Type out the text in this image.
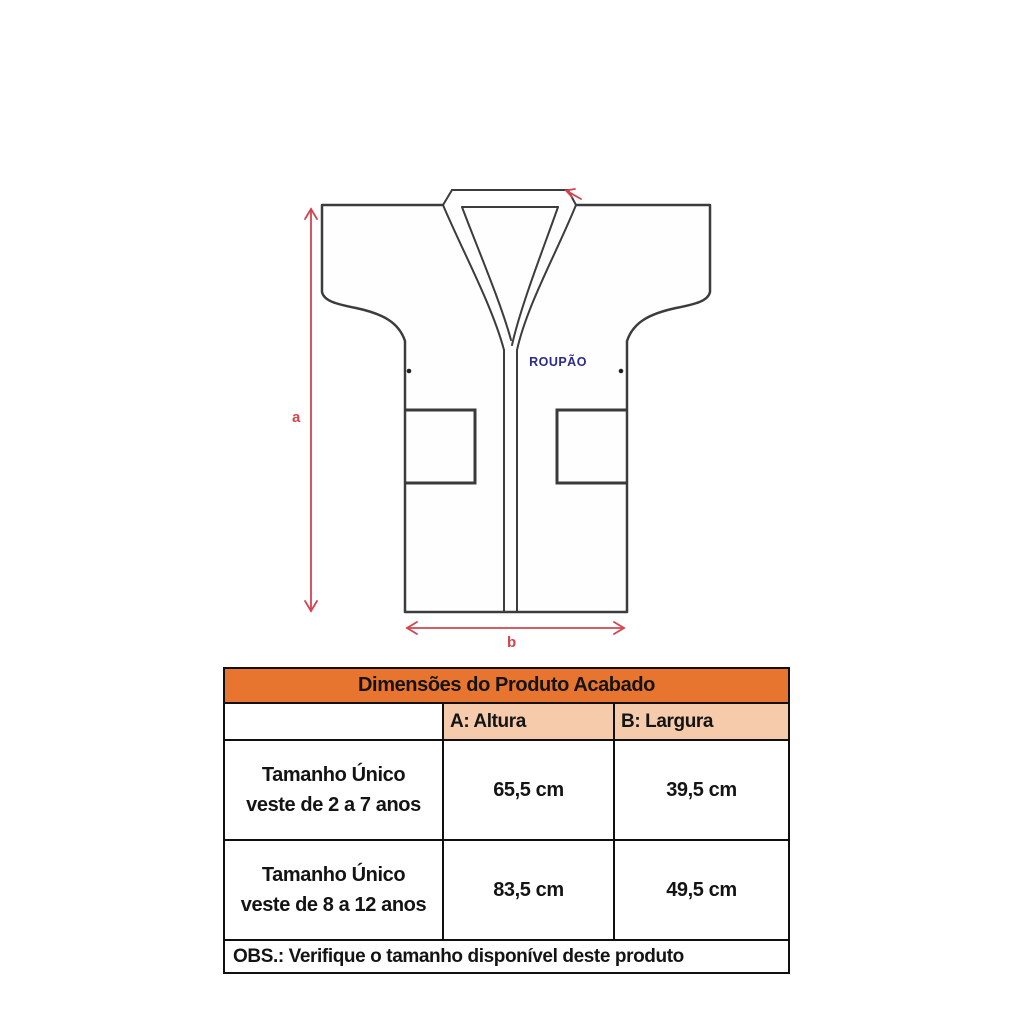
a
b
ROUPÃO
Dimensões do Produto Acabado		
	A: Altura	B: Largura

Tamanho Único
veste de 2 a 7 anos	65,5 cm	39,5 cm

Tamanho Único
veste de 8 a 12 anos	83,5 cm	49,5 cm
OBS.: Verifique o tamanho disponível deste produto		
